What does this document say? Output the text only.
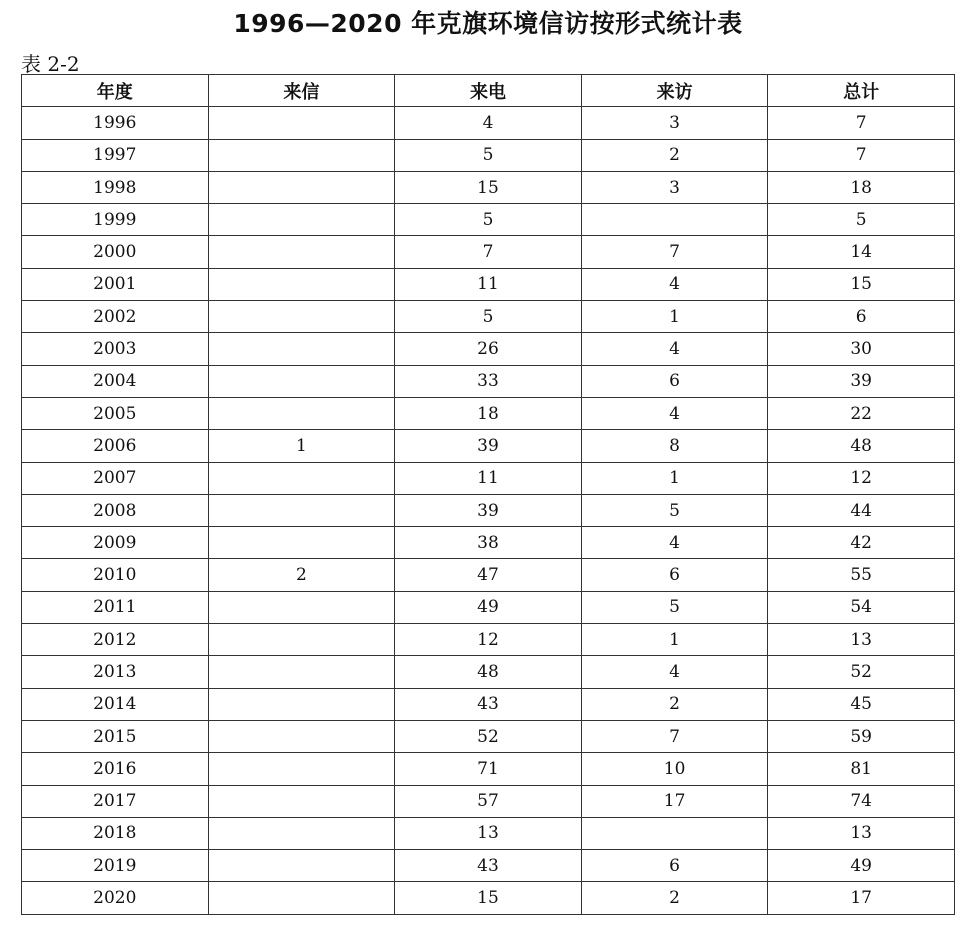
1996—2020 年克旗环境信访按形式统计表
表 2-2
年度	来信	来电	来访	总计
1996		4	3	7
1997		5	2	7
1998		15	3	18
1999		5		5
2000		7	7	14
2001		11	4	15
2002		5	1	6
2003		26	4	30
2004		33	6	39
2005		18	4	22
2006	1	39	8	48
2007		11	1	12
2008		39	5	44
2009		38	4	42
2010	2	47	6	55
2011		49	5	54
2012		12	1	13
2013		48	4	52
2014		43	2	45
2015		52	7	59
2016		71	10	81
2017		57	17	74
2018		13		13
2019		43	6	49
2020		15	2	17
